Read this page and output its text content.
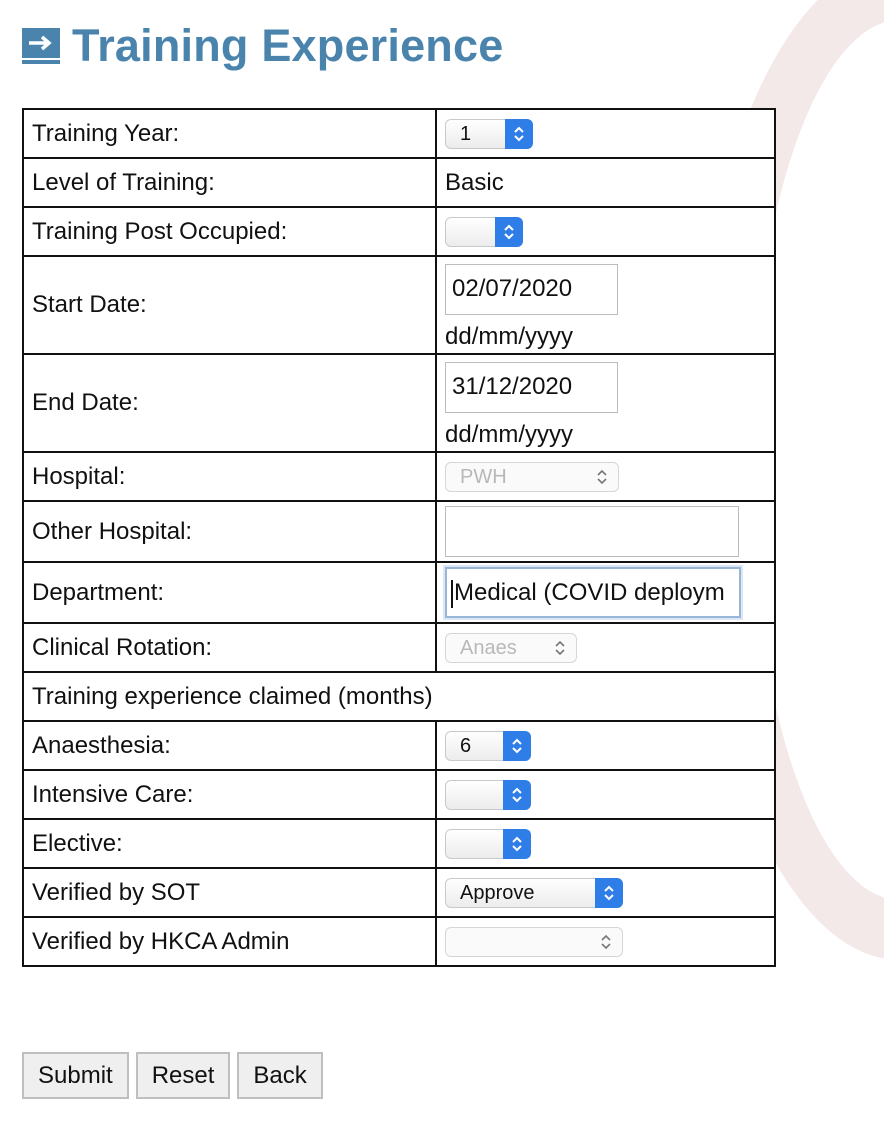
Training Experience
Training Year:	1

Level of Training:	Basic
Training Post Occupied:	

Start Date:	02/07/2020
dd/mm/yyyy

End Date:	31/12/2020
dd/mm/yyyy

Hospital:	PWH

Other Hospital:	

Department:	Medical (COVID deploym

Clinical Rotation:	Anaes

Training experience claimed (months)	
Anaesthesia:	6

Intensive Care:	

Elective:	

Verified by SOT	Approve

Verified by HKCA Admin	
Submit	Reset	Back
